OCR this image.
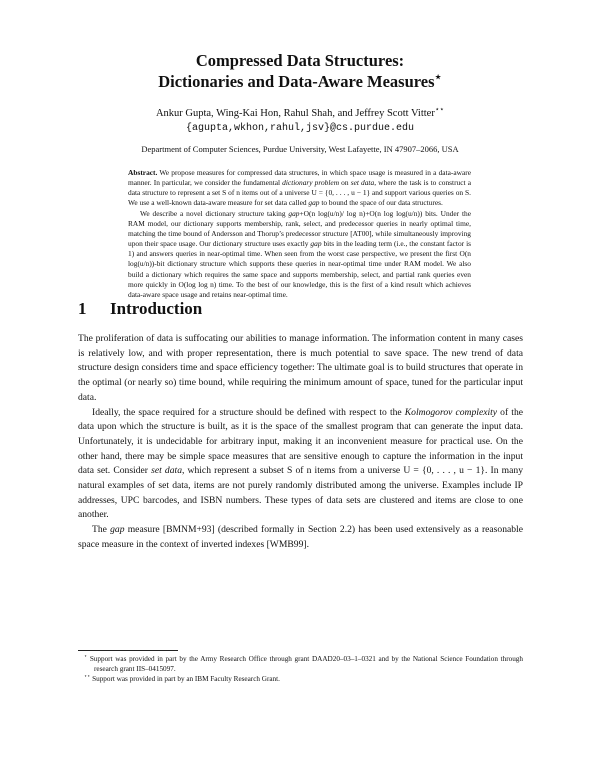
Compressed Data Structures:
Dictionaries and Data-Aware Measures⋆
Ankur Gupta, Wing-Kai Hon, Rahul Shah, and Jeffrey Scott Vitter⋆⋆
{agupta,wkhon,rahul,jsv}@cs.purdue.edu
Department of Computer Sciences, Purdue University, West Lafayette, IN 47907–2066, USA

Abstract. We propose measures for compressed data structures, in which space usage is measured in a data-aware manner. In particular, we consider the fundamental dictionary problem on set data, where the task is to construct a data structure to represent a set S of n items out of a universe U = {0, . . . , u − 1} and support various queries on S. We use a well-known data-aware measure for set data called gap to bound the space of our data structures.

We describe a novel dictionary structure taking gap+O(n log(u/n)/ log n)+O(n log log(u/n)) bits. Under the RAM model, our dictionary supports membership, rank, select, and predecessor queries in nearly optimal time, matching the time bound of Andersson and Thorup’s predecessor structure [AT00], while simultaneously improving upon their space usage. Our dictionary structure uses exactly gap bits in the leading term (i.e., the constant factor is 1) and answers queries in near-optimal time. When seen from the worst case perspective, we present the first O(n log(u/n))-bit dictionary structure which supports these queries in near-optimal time under RAM model. We also build a dictionary which requires the same space and supports membership, select, and partial rank queries even more quickly in O(log log n) time. To the best of our knowledge, this is the first of a kind result which achieves data-aware space usage and retains near-optimal time.

1 Introduction

The proliferation of data is suffocating our abilities to manage information. The information content in many cases is relatively low, and with proper representation, there is much potential to save space. The new trend of data structure design considers time and space efficiency together: The ultimate goal is to build structures that operate in the optimal (or nearly so) time bound, while requiring the minimum amount of space, tuned for the particular input data.

Ideally, the space required for a structure should be defined with respect to the Kolmogorov complexity of the data upon which the structure is built, as it is the space of the smallest program that can generate the input data. Unfortunately, it is undecidable for arbitrary input, making it an inconvenient measure for practical use. On the other hand, there may be simple space measures that are sensitive enough to capture the information in the input data set. Consider set data, which represent a subset S of n items from a universe U = {0, . . . , u − 1}. In many natural examples of set data, items are not purely randomly distributed among the universe. Examples include IP addresses, UPC barcodes, and ISBN numbers. These types of data sets are clustered and items are close to one another.

The gap measure [BMNM+93] (described formally in Section 2.2) has been used extensively as a reasonable space measure in the context of inverted indexes [WMB99].

⋆ Support was provided in part by the Army Research Office through grant DAAD20–03–1–0321 and by the National Science Foundation through research grant IIS–0415097.

⋆⋆ Support was provided in part by an IBM Faculty Research Grant.
